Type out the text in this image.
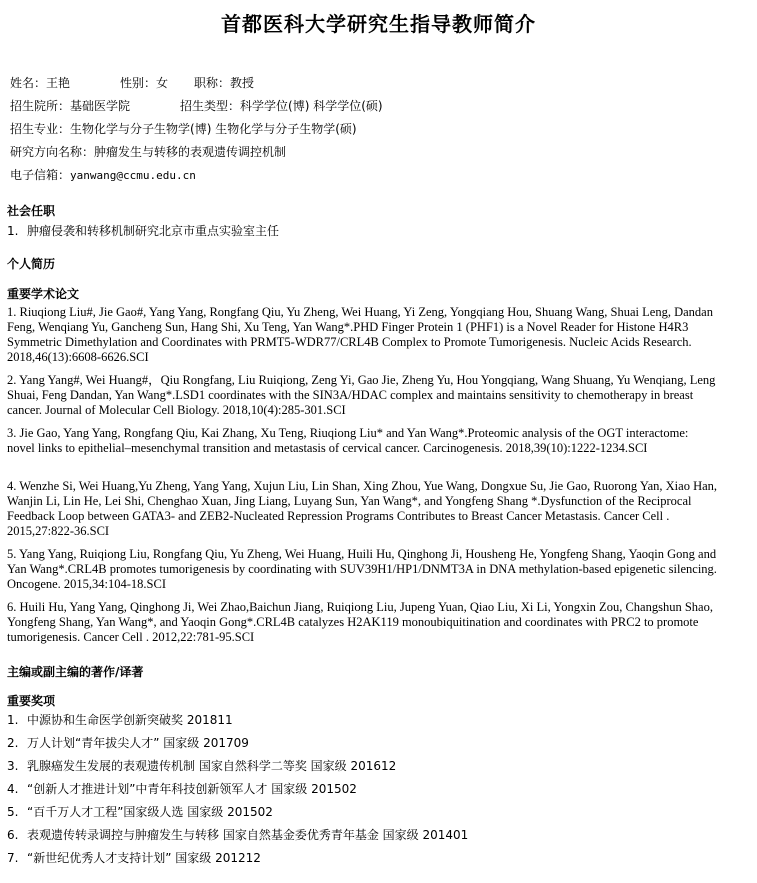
首都医科大学研究生指导教师简介
姓名：王艳	性别：女 职称：教授
招生院所：基础医学院	招生类型：科学学位(博) 科学学位(硕)
招生专业：生物化学与分子生物学(博) 生物化学与分子生物学(硕)
研究方向名称：肿瘤发生与转移的表观遗传调控机制
电子信箱：yanwang@ccmu.edu.cn
社会任职
1. 肿瘤侵袭和转移机制研究北京市重点实验室主任
个人简历
重要学术论文
1. Riuqiong Liu#, Jie Gao#, Yang Yang, Rongfang Qiu, Yu Zheng, Wei Huang, Yi Zeng, Yongqiang Hou, Shuang Wang, Shuai Leng, Dandan Feng, Wenqiang Yu, Gancheng Sun, Hang Shi, Xu Teng, Yan Wang*.PHD Finger Protein 1 (PHF1) is a Novel Reader for Histone H4R3 Symmetric Dimethylation and Coordinates with PRMT5-WDR77/CRL4B Complex to Promote Tumorigenesis. Nucleic Acids Research. 2018,46(13):6608-6626.SCI
2. Yang Yang#, Wei Huang#，Qiu Rongfang, Liu Ruiqiong, Zeng Yi, Gao Jie, Zheng Yu, Hou Yongqiang, Wang Shuang, Yu Wenqiang, Leng Shuai, Feng Dandan, Yan Wang*.LSD1 coordinates with the SIN3A/HDAC complex and maintains sensitivity to chemotherapy in breast cancer. Journal of Molecular Cell Biology. 2018,10(4):285-301.SCI
3. Jie Gao, Yang Yang, Rongfang Qiu, Kai Zhang, Xu Teng, Riuqiong Liu* and Yan Wang*.Proteomic analysis of the OGT interactome: novel links to epithelial–mesenchymal transition and metastasis of cervical cancer. Carcinogenesis. 2018,39(10):1222-1234.SCI
4. Wenzhe Si, Wei Huang,Yu Zheng, Yang Yang, Xujun Liu, Lin Shan, Xing Zhou, Yue Wang, Dongxue Su, Jie Gao, Ruorong Yan, Xiao Han, Wanjin Li, Lin He, Lei Shi, Chenghao Xuan, Jing Liang, Luyang Sun, Yan Wang*, and Yongfeng Shang *.Dysfunction of the Reciprocal Feedback Loop between GATA3- and ZEB2-Nucleated Repression Programs Contributes to Breast Cancer Metastasis. Cancer Cell . 2015,27:822-36.SCI
5. Yang Yang, Ruiqiong Liu, Rongfang Qiu, Yu Zheng, Wei Huang, Huili Hu, Qinghong Ji, Housheng He, Yongfeng Shang, Yaoqin Gong and Yan Wang*.CRL4B promotes tumorigenesis by coordinating with SUV39H1/HP1/DNMT3A in DNA methylation-based epigenetic silencing. Oncogene. 2015,34:104-18.SCI
6. Huili Hu, Yang Yang, Qinghong Ji, Wei Zhao,Baichun Jiang, Ruiqiong Liu, Jupeng Yuan, Qiao Liu, Xi Li, Yongxin Zou, Changshun Shao, Yongfeng Shang, Yan Wang*, and Yaoqin Gong*.CRL4B catalyzes H2AK119 monoubiquitination and coordinates with PRC2 to promote tumorigenesis. Cancer Cell . 2012,22:781-95.SCI
主编或副主编的著作/译著
重要奖项
1. 中源协和生命医学创新突破奖 201811
2. 万人计划“青年拔尖人才” 国家级 201709
3. 乳腺癌发生发展的表观遗传机制 国家自然科学二等奖 国家级 201612
4. “创新人才推进计划”中青年科技创新领军人才 国家级 201502
5. “百千万人才工程”国家级人选 国家级 201502
6. 表观遗传转录调控与肿瘤发生与转移 国家自然基金委优秀青年基金 国家级 201401
7. “新世纪优秀人才支持计划” 国家级 201212
